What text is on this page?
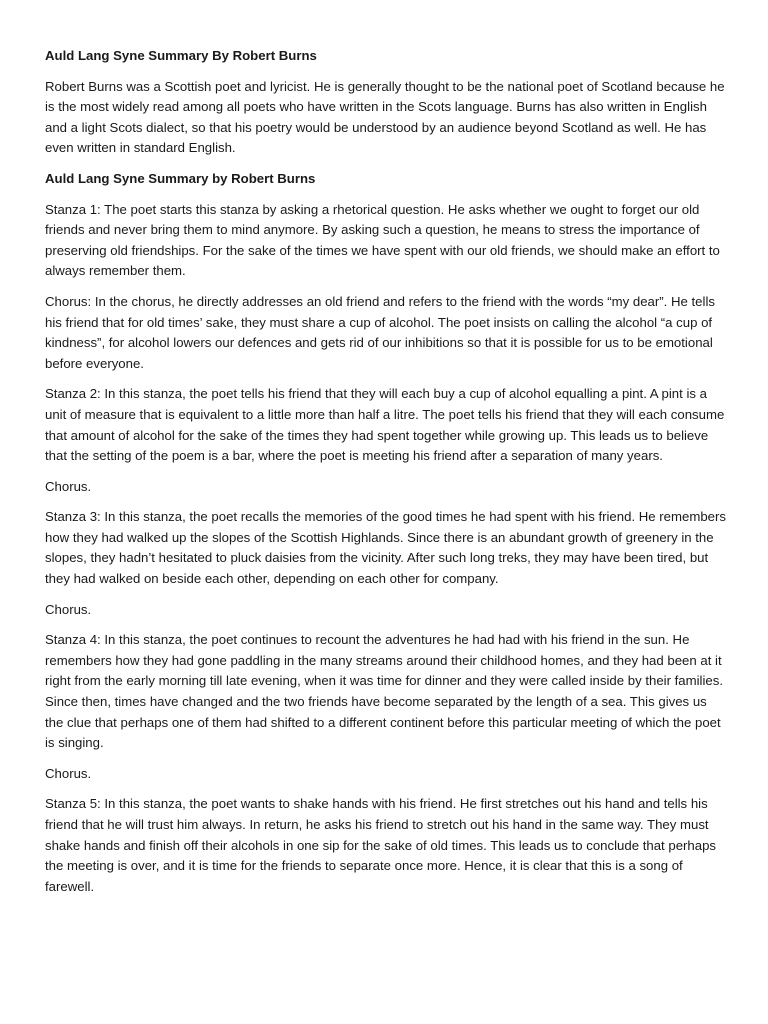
Auld Lang Syne Summary By Robert Burns

Robert Burns was a Scottish poet and lyricist. He is generally thought to be the national poet of Scotland because he is the most widely read among all poets who have written in the Scots language. Burns has also written in English and a light Scots dialect, so that his poetry would be understood by an audience beyond Scotland as well. He has even written in standard English.

Auld Lang Syne Summary by Robert Burns

Stanza 1: The poet starts this stanza by asking a rhetorical question. He asks whether we ought to forget our old friends and never bring them to mind anymore. By asking such a question, he means to stress the importance of preserving old friendships. For the sake of the times we have spent with our old friends, we should make an effort to always remember them.

Chorus: In the chorus, he directly addresses an old friend and refers to the friend with the words “my dear”. He tells his friend that for old times’ sake, they must share a cup of alcohol. The poet insists on calling the alcohol “a cup of kindness”, for alcohol lowers our defences and gets rid of our inhibitions so that it is possible for us to be emotional before everyone.

Stanza 2: In this stanza, the poet tells his friend that they will each buy a cup of alcohol equalling a pint. A pint is a unit of measure that is equivalent to a little more than half a litre. The poet tells his friend that they will each consume that amount of alcohol for the sake of the times they had spent together while growing up. This leads us to believe that the setting of the poem is a bar, where the poet is meeting his friend after a separation of many years.

Chorus.

Stanza 3: In this stanza, the poet recalls the memories of the good times he had spent with his friend. He remembers how they had walked up the slopes of the Scottish Highlands. Since there is an abundant growth of greenery in the slopes, they hadn’t hesitated to pluck daisies from the vicinity. After such long treks, they may have been tired, but they had walked on beside each other, depending on each other for company.

Chorus.

Stanza 4: In this stanza, the poet continues to recount the adventures he had had with his friend in the sun. He remembers how they had gone paddling in the many streams around their childhood homes, and they had been at it right from the early morning till late evening, when it was time for dinner and they were called inside by their families. Since then, times have changed and the two friends have become separated by the length of a sea. This gives us the clue that perhaps one of them had shifted to a different continent before this particular meeting of which the poet is singing.

Chorus.

Stanza 5: In this stanza, the poet wants to shake hands with his friend. He first stretches out his hand and tells his friend that he will trust him always. In return, he asks his friend to stretch out his hand in the same way. They must shake hands and finish off their alcohols in one sip for the sake of old times. This leads us to conclude that perhaps the meeting is over, and it is time for the friends to separate once more. Hence, it is clear that this is a song of farewell.
